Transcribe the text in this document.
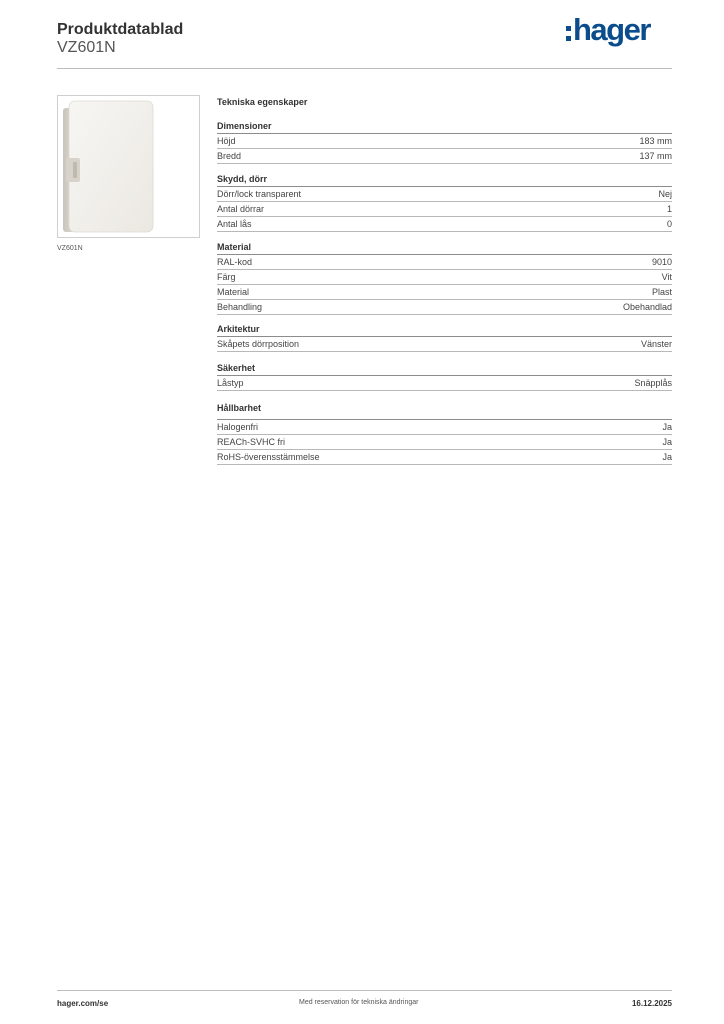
Produktdatablad
VZ601N
hager
VZ601N
Tekniska egenskaper
Dimensioner
Höjd	183 mm
Bredd	137 mm
Skydd, dörr
Dörr/lock transparent	Nej
Antal dörrar	1
Antal lås	0
Material
RAL-kod	9010
Färg	Vit
Material	Plast
Behandling	Obehandlad
Arkitektur
Skåpets dörrposition	Vänster
Säkerhet
Låstyp	Snäpplås
Hållbarhet
Halogenfri	Ja
REACh-SVHC fri	Ja
RoHS-överensstämmelse	Ja
hager.com/se	Med reservation för tekniska ändringar	16.12.2025
